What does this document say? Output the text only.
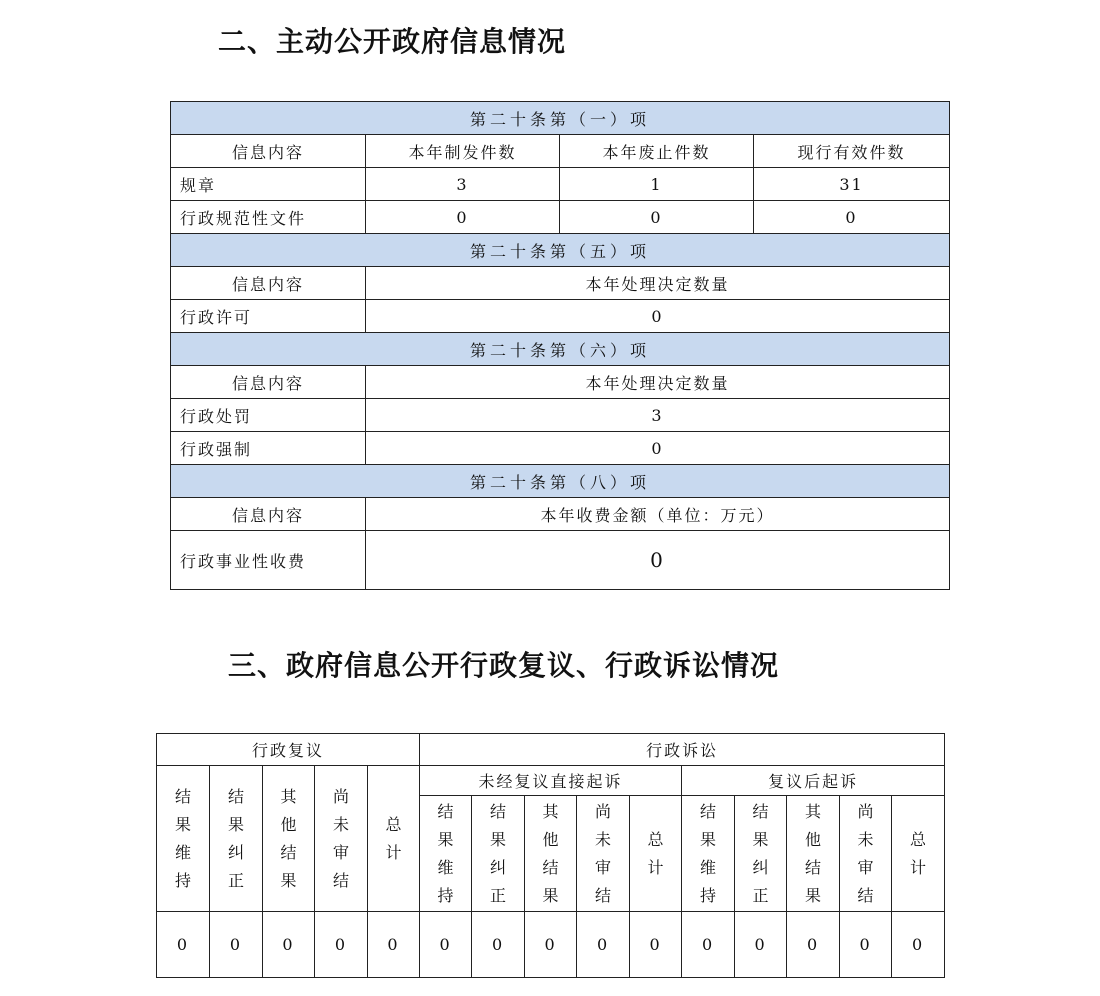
二、主动公开政府信息情况
第二十条第（一）项			
信息内容	本年制发件数	本年废止件数	现行有效件数
规章	3	1	31
行政规范性文件	0	0	0
第二十条第（五）项			
信息内容	本年处理决定数量		
行政许可	0		
第二十条第（六）项			
信息内容	本年处理决定数量		
行政处罚	3		
行政强制	0		
第二十条第（八）项			
信息内容	本年收费金额（单位：万元）		
行政事业性收费	0		
三、政府信息公开行政复议、行政诉讼情况
行政复议					行政诉讼									
结果维持	结果纠正	其他结果	尚未审结	总计	未经复议直接起诉					复议后起诉				
					结果维持	结果纠正	其他结果	尚未审结	总计	结果维持	结果纠正	其他结果	尚未审结	总计
0	0	0	0	0	0	0	0	0	0	0	0	0	0	0
